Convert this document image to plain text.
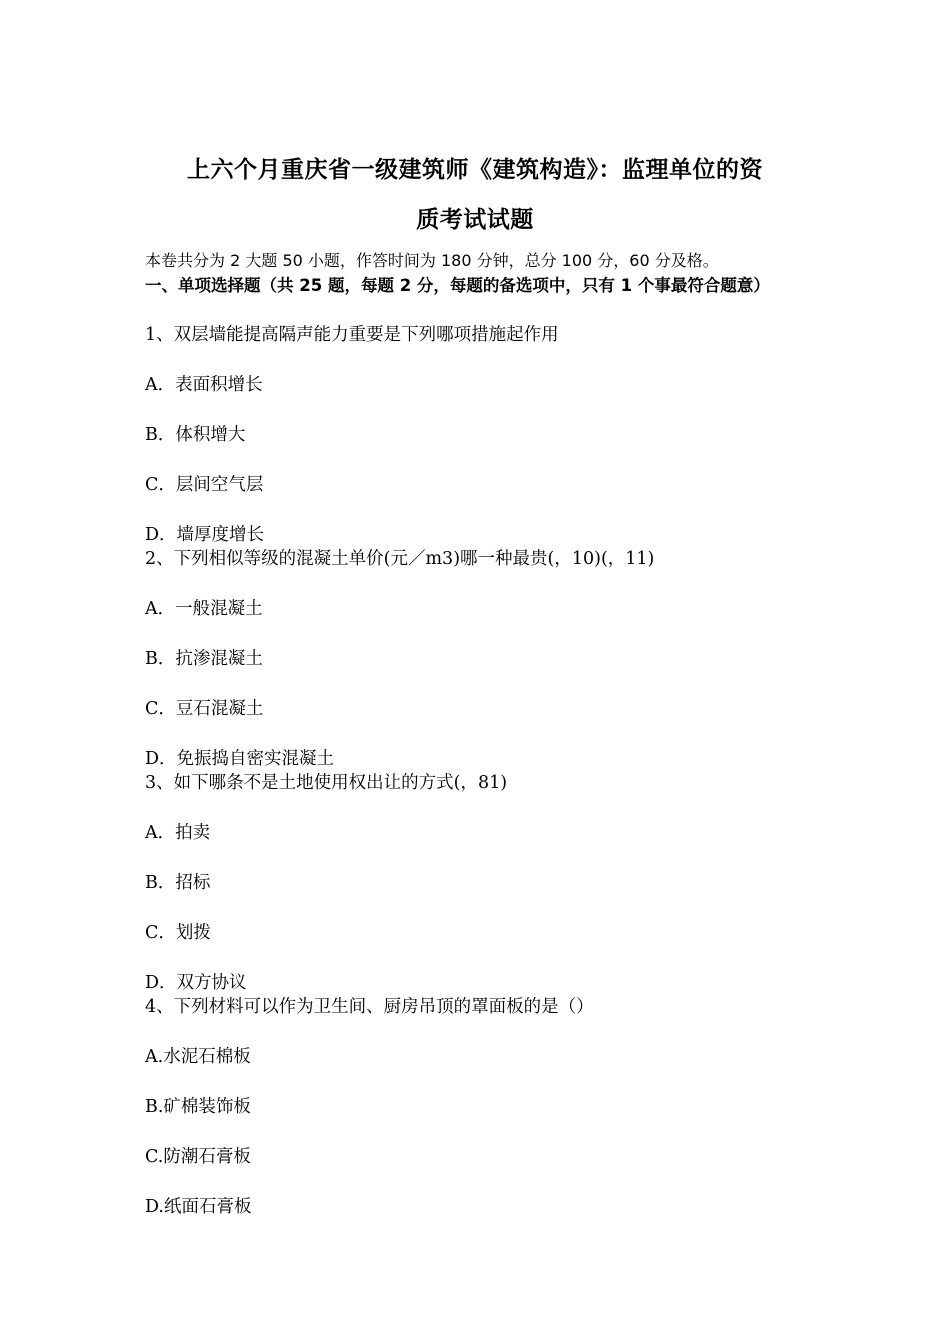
上六个月重庆省一级建筑师《建筑构造》：监理单位的资
质考试试题
本卷共分为 2 大题 50 小题，作答时间为 180 分钟，总分 100 分，60 分及格。
一、单项选择题（共 25 题，每题 2 分，每题的备选项中，只有 1 个事最符合题意）
1、双层墙能提高隔声能力重要是下列哪项措施起作用
A．表面积增长
B．体积增大
C．层间空气层
D．墙厚度增长
2、下列相似等级的混凝土单价(元／m3)哪一种最贵(，10)(，11)
A．一般混凝土
B．抗渗混凝土
C．豆石混凝土
D．免振捣自密实混凝土
3、如下哪条不是土地使用权出让的方式(，81)
A．拍卖
B．招标
C．划拨
D．双方协议
4、下列材料可以作为卫生间、厨房吊顶的罩面板的是（）
A.水泥石棉板
B.矿棉装饰板
C.防潮石膏板
D.纸面石膏板
